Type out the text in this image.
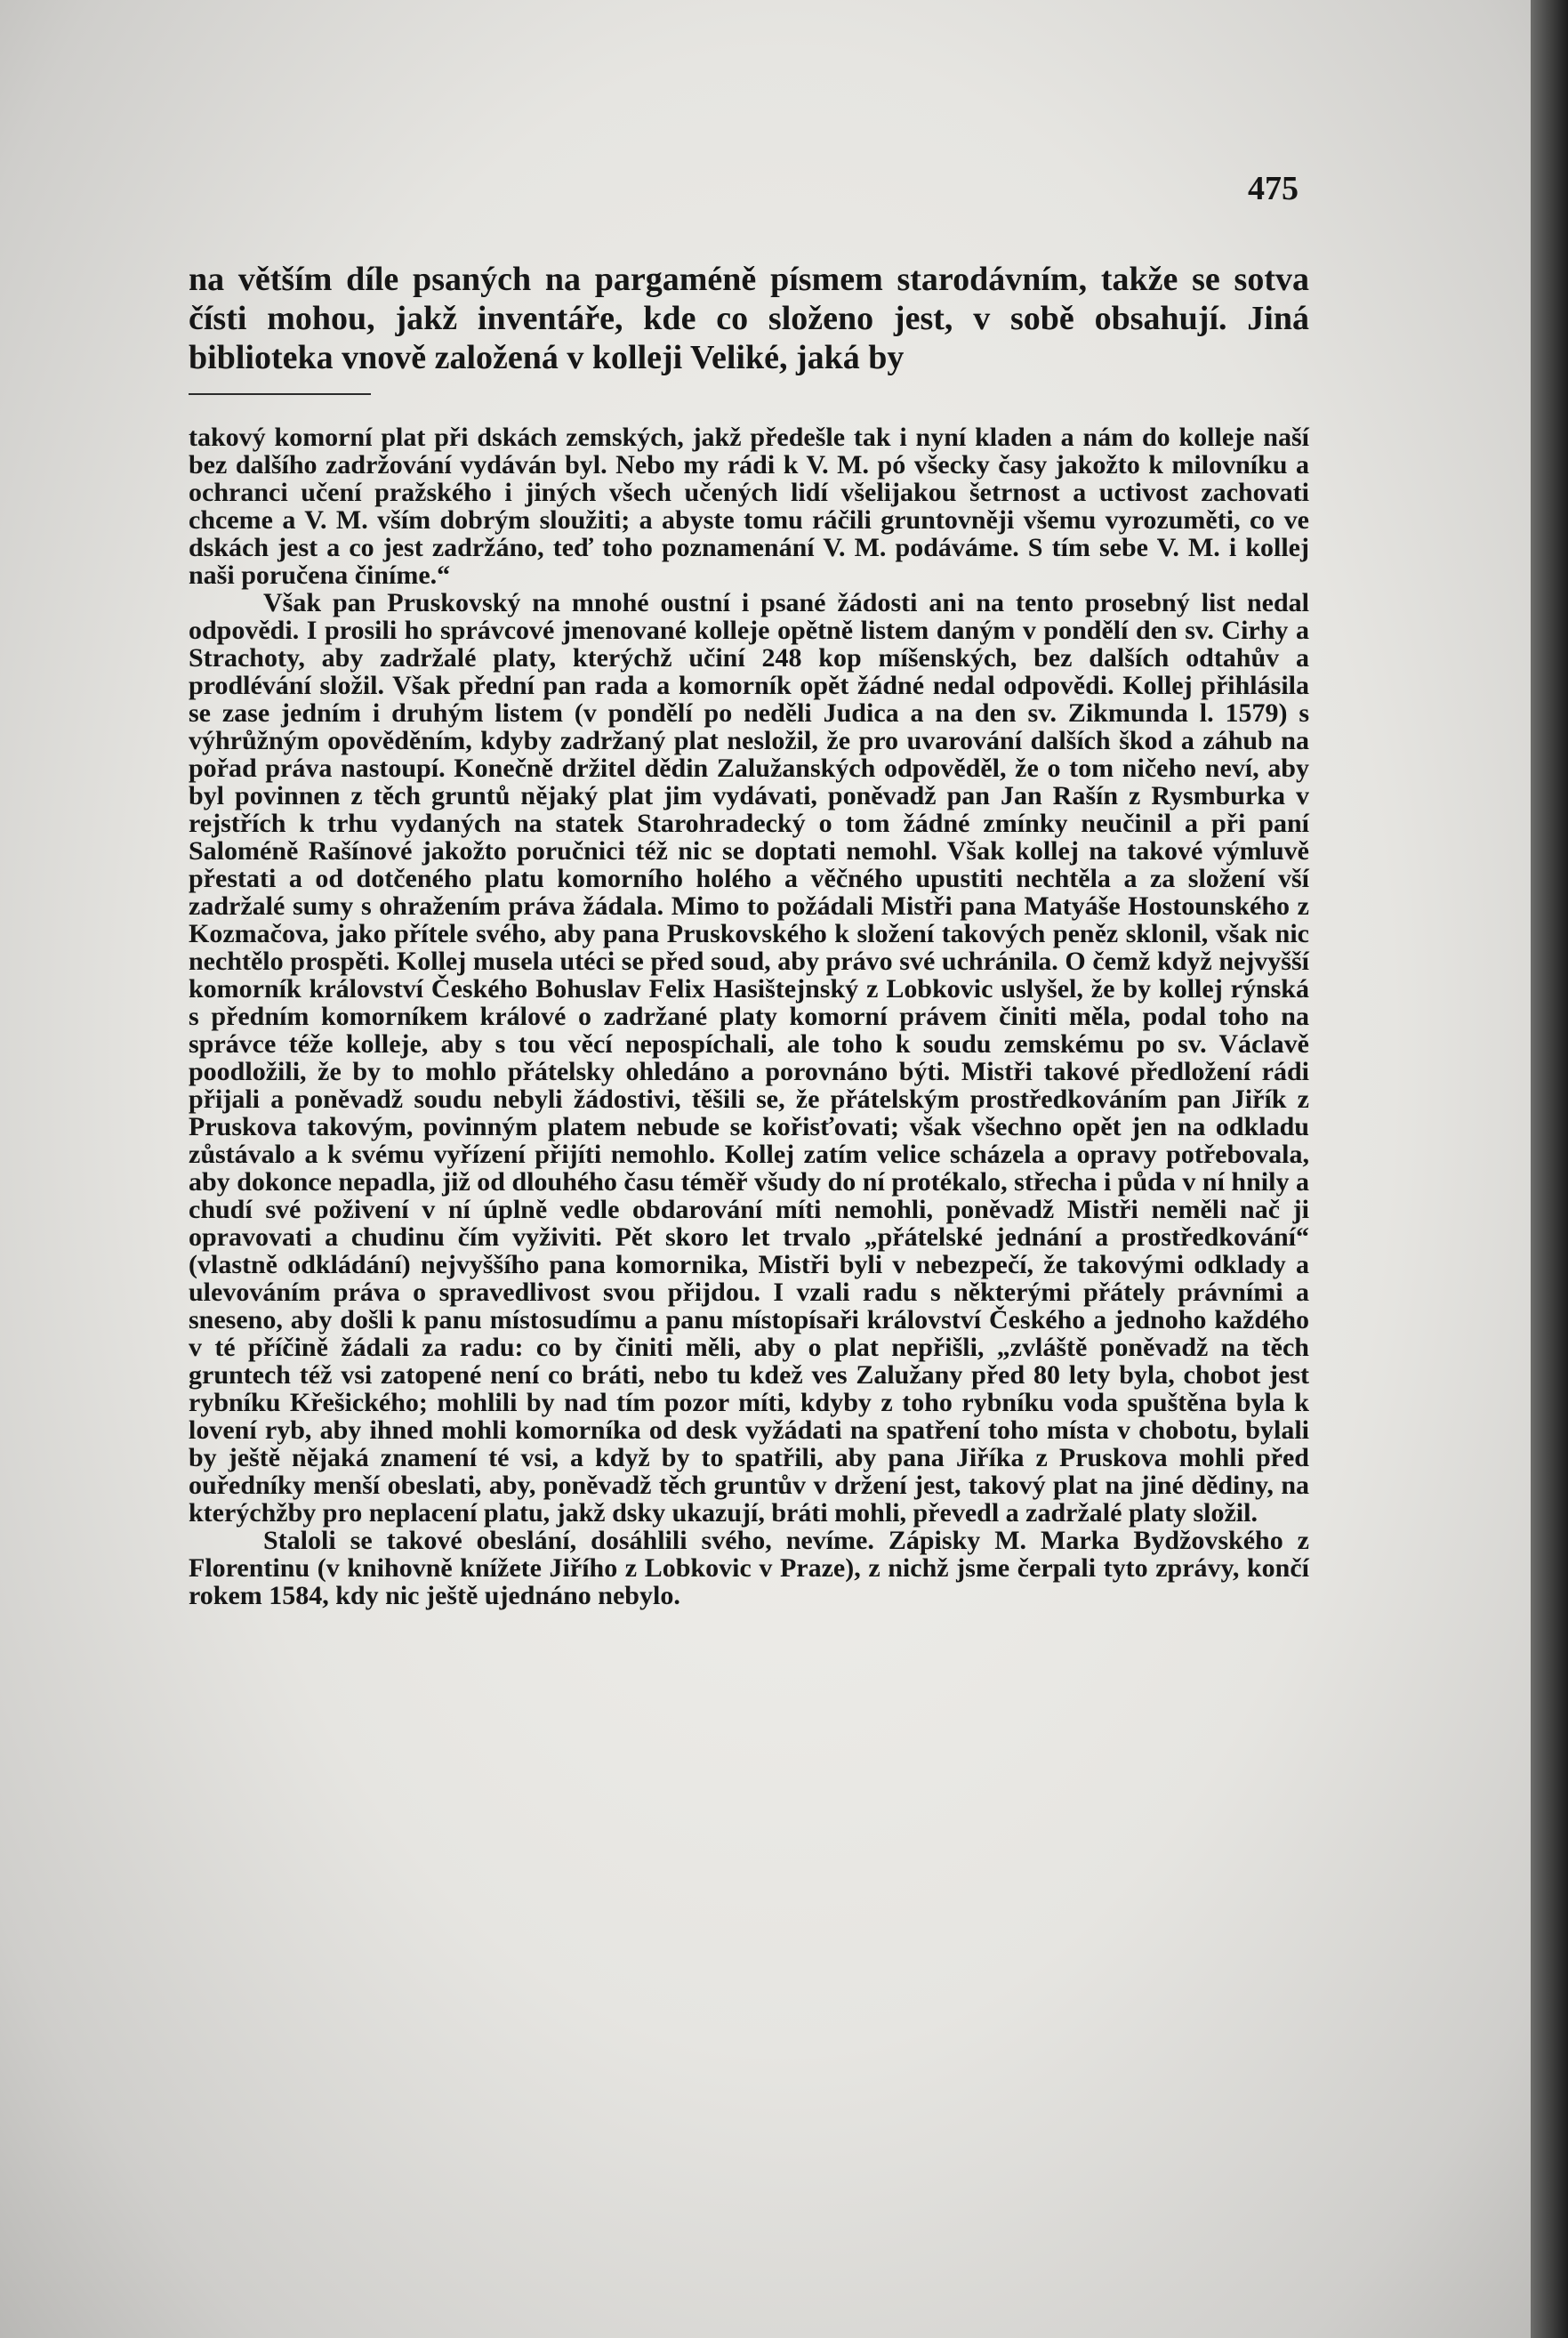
475

na větším díle psaných na pargaméně písmem starodávním, takže se sotva čísti mohou, jakž inventáře, kde co složeno jest, v sobě obsahují. Jiná biblioteka vnově založená v kolleji Veliké, jaká by

takový komorní plat při dskách zemských, jakž předešle tak i nyní kladen a nám do kolleje naší bez dalšího zadržování vydáván byl. Nebo my rádi k V. M. pó všecky časy jakožto k milovníku a ochranci učení pražského i jiných všech učených lidí všelijakou šetrnost a uctivost zachovati chceme a V. M. vším dobrým sloužiti; a abyste tomu ráčili gruntovněji všemu vyrozuměti, co ve dskách jest a co jest zadržáno, teď toho poznamenání V. M. podáváme. S tím sebe V. M. i kollej naši poručena činíme.“

Však pan Pruskovský na mnohé oustní i psané žádosti ani na tento prosebný list nedal odpovědi. I prosili ho správcové jmenované kolleje opětně listem daným v pondělí den sv. Cirhy a Strachoty, aby zadržalé platy, kterýchž učiní 248 kop míšenských, bez dalších odtahův a prodlévání složil. Však přední pan rada a komorník opět žádné nedal odpovědi. Kollej přihlásila se zase jedním i druhým listem (v pondělí po neděli Judica a na den sv. Zikmunda l. 1579) s výhrůžným opověděním, kdyby zadržaný plat nesložil, že pro uvarování dalších škod a záhub na pořad práva nastoupí. Konečně držitel dědin Zalužanských odpověděl, že o tom ničeho neví, aby byl povinnen z těch gruntů nějaký plat jim vydávati, poněvadž pan Jan Rašín z Rysmburka v rejstřích k trhu vydaných na statek Starohradecký o tom žádné zmínky neučinil a při paní Saloméně Rašínové jakožto poručnici též nic se doptati nemohl. Však kollej na takové výmluvě přestati a od dotčeného platu komorního holého a věčného upustiti nechtěla a za složení vší zadržalé sumy s ohražením práva žádala. Mimo to požádali Mistři pana Matyáše Hostounského z Kozmačova, jako přítele svého, aby pana Pruskovského k složení takových peněz sklonil, však nic nechtělo prospěti. Kollej musela utéci se před soud, aby právo své uchránila. O čemž když nejvyšší komorník království Českého Bohuslav Felix Hasištejnský z Lobkovic uslyšel, že by kollej rýnská s předním komorníkem králové o zadržané platy komorní právem činiti měla, podal toho na správce téže kolleje, aby s tou věcí nepospíchali, ale toho k soudu zemskému po sv. Václavě poodložili, že by to mohlo přátelsky ohledáno a porovnáno býti. Mistři takové předložení rádi přijali a poněvadž soudu nebyli žádostivi, těšili se, že přátelským prostředkováním pan Jiřík z Pruskova takovým, povinným platem nebude se kořisťovati; však všechno opět jen na odkladu zůstávalo a k svému vyřízení přijíti nemohlo. Kollej zatím velice scházela a opravy potřebovala, aby dokonce nepadla, již od dlouhého času téměř všudy do ní protékalo, střecha i půda v ní hnily a chudí své poživení v ní úplně vedle obdarování míti nemohli, poněvadž Mistři neměli nač ji opravovati a chudinu čím vyživiti. Pět skoro let trvalo „přátelské jednání a prostředkování“ (vlastně odkládání) nejvyššího pana komornika, Mistři byli v nebezpečí, že takovými odklady a ulevováním práva o spravedlivost svou přijdou. I vzali radu s některými přátely právními a sneseno, aby došli k panu místosudímu a panu místopísaři království Českého a jednoho každého v té příčině žádali za radu: co by činiti měli, aby o plat nepřišli, „zvláště poněvadž na těch gruntech též vsi zatopené není co bráti, nebo tu kdež ves Zalužany před 80 lety byla, chobot jest rybníku Křešického; mohlili by nad tím pozor míti, kdyby z toho rybníku voda spuštěna byla k lovení ryb, aby ihned mohli komorníka od desk vyžádati na spatření toho místa v chobotu, bylali by ještě nějaká znamení té vsi, a když by to spatřili, aby pana Jiříka z Pruskova mohli před ouředníky menší obeslati, aby, poněvadž těch gruntův v držení jest, takový plat na jiné dědiny, na kterýchžby pro neplacení platu, jakž dsky ukazují, bráti mohli, převedl a zadržalé platy složil.

Staloli se takové obeslání, dosáhlili svého, nevíme. Zápisky M. Marka Bydžovského z Florentinu (v knihovně knížete Jiřího z Lobkovic v Praze), z nichž jsme čerpali tyto zprávy, končí rokem 1584, kdy nic ještě ujednáno nebylo.
